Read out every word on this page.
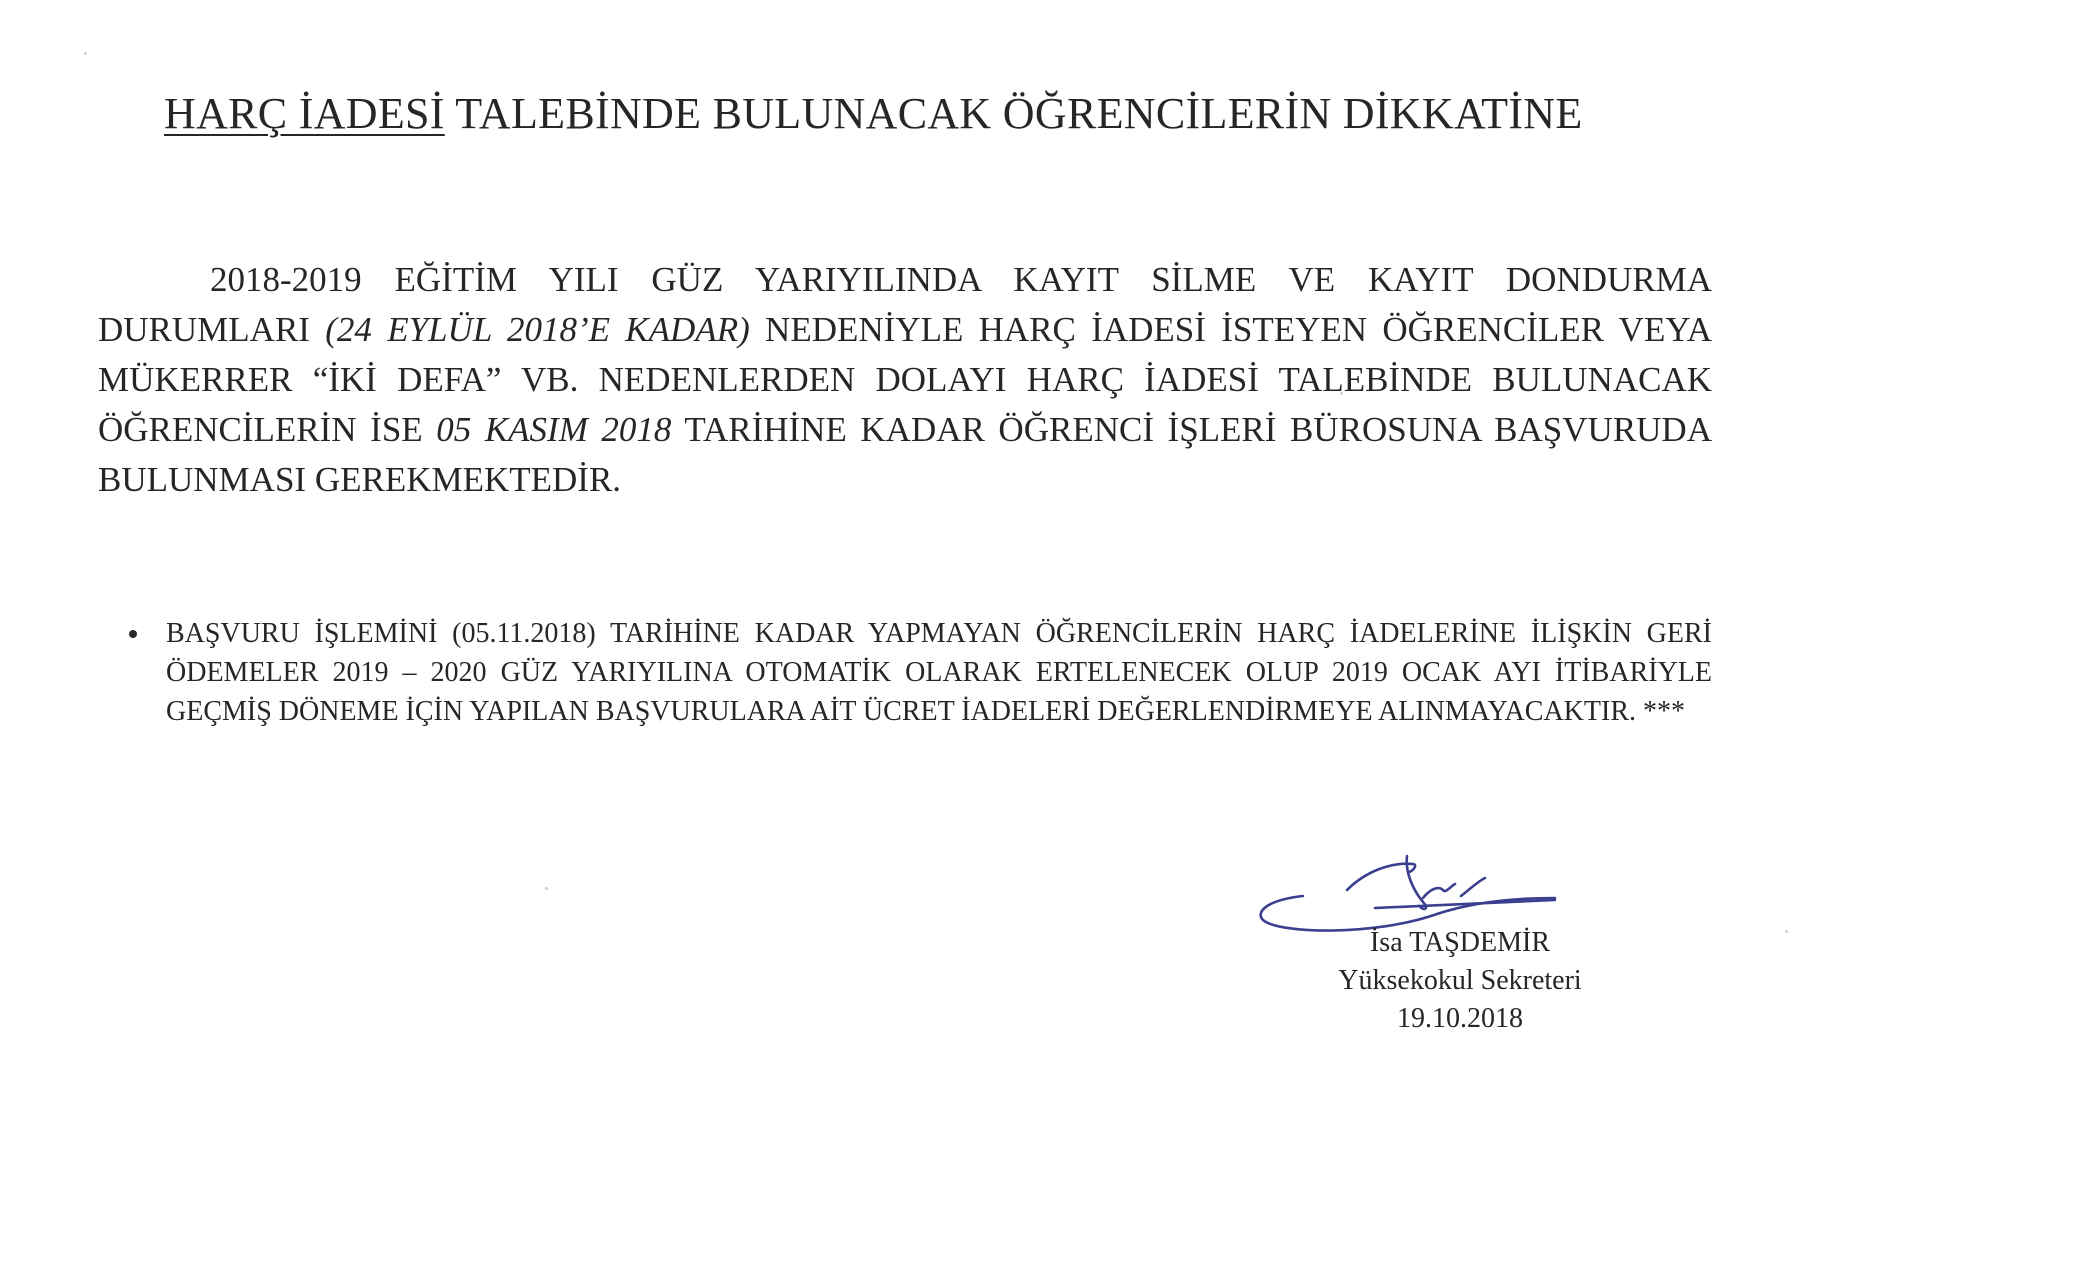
HARÇ İADESİ TALEBİNDE BULUNACAK ÖĞRENCİLERİN DİKKATİNE

2018-2019 EĞİTİM YILI GÜZ YARIYILINDA KAYIT SİLME VE KAYIT DONDURMA DURUMLARI (24 EYLÜL 2018’E KADAR) NEDENİYLE HARÇ İADESİ İSTEYEN ÖĞRENCİLER VEYA MÜKERRER “İKİ DEFA” VB. NEDENLERDEN DOLAYI HARÇ İADESİ TALEBİNDE BULUNACAK ÖĞRENCİLERİN İSE 05 KASIM 2018 TARİHİNE KADAR ÖĞRENCİ İŞLERİ BÜROSUNA BAŞVURUDA BULUNMASI GEREKMEKTEDİR.

BAŞVURU İŞLEMİNİ (05.11.2018) TARİHİNE KADAR YAPMAYAN ÖĞRENCİLERİN HARÇ İADELERİNE İLİŞKİN GERİ ÖDEMELER 2019 – 2020 GÜZ YARIYILINA OTOMATİK OLARAK ERTELENECEK OLUP 2019 OCAK AYI İTİBARİYLE GEÇMİŞ DÖNEME İÇİN YAPILAN BAŞVURULARA AİT ÜCRET İADELERİ DEĞERLENDİRMEYE ALINMAYACAKTIR. ***
İsa TAŞDEMİR
Yüksekokul Sekreteri
19.10.2018
